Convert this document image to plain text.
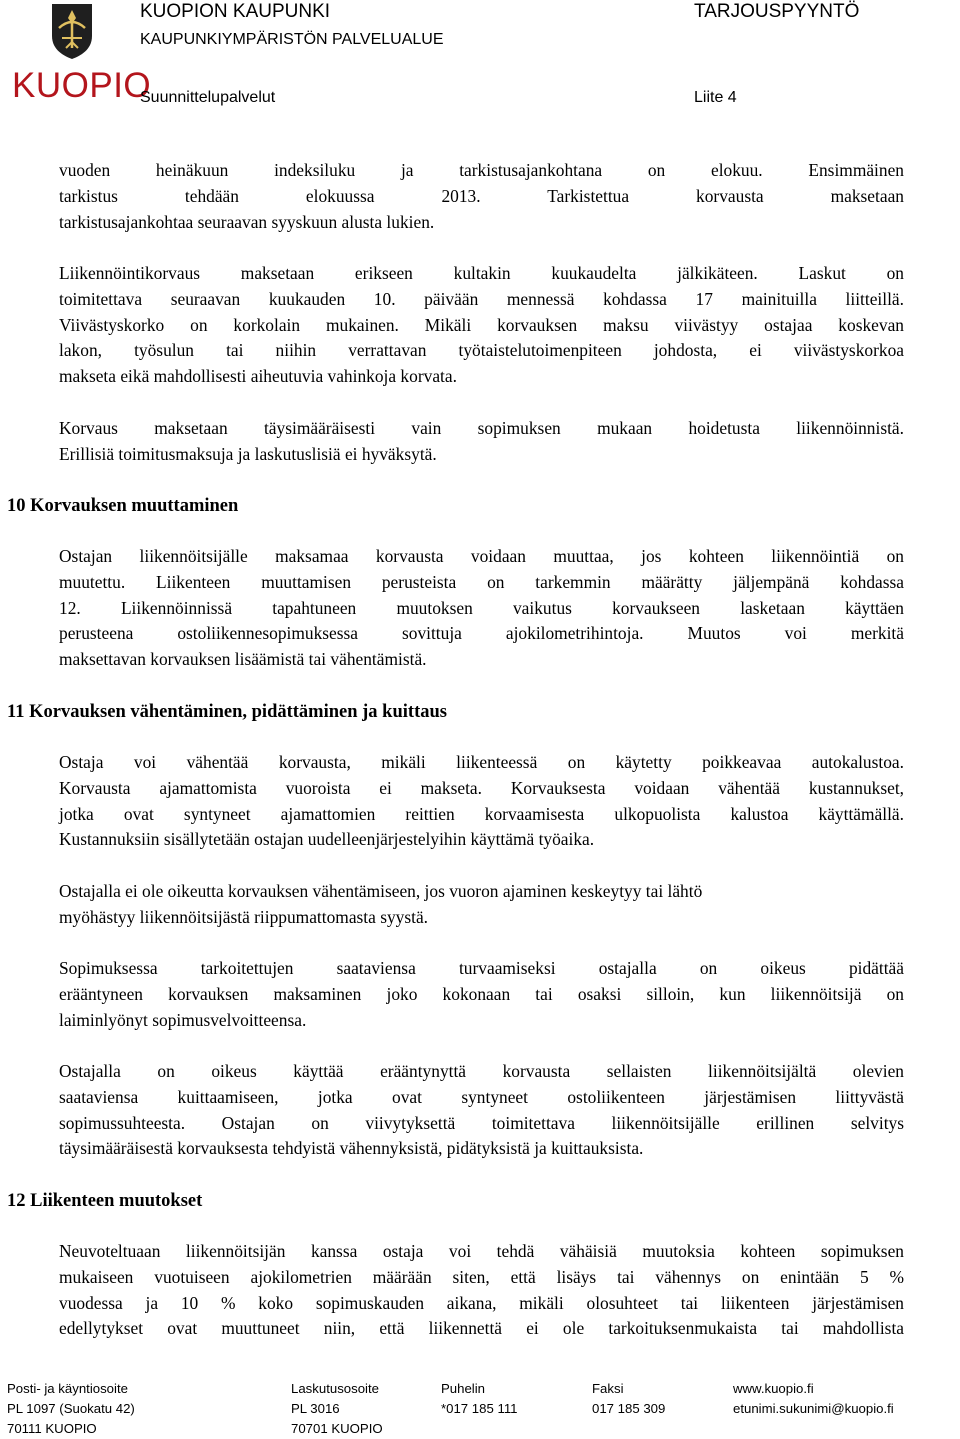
KUOPIO
KUOPION KAUPUNKI
KAUPUNKIYMPÄRISTÖN PALVELUALUE
Suunnittelupalvelut
TARJOUSPYYNTÖ
Liite 4
vuoden heinäkuun indeksiluku ja tarkistusajankohtana on elokuu. Ensimmäinen
tarkistus tehdään elokuussa 2013. Tarkistettua korvausta maksetaan
tarkistusajankohtaa seuraavan syyskuun alusta lukien.
Liikennöintikorvaus maksetaan erikseen kultakin kuukaudelta jälkikäteen. Laskut on
toimitettava seuraavan kuukauden 10. päivään mennessä kohdassa 17 mainituilla liitteillä.
Viivästyskorko on korkolain mukainen. Mikäli korvauksen maksu viivästyy ostajaa koskevan
lakon, työsulun tai niihin verrattavan työtaistelutoimenpiteen johdosta, ei viivästyskorkoa
makseta eikä mahdollisesti aiheutuvia vahinkoja korvata.
Korvaus maksetaan täysimääräisesti vain sopimuksen mukaan hoidetusta liikennöinnistä.
Erillisiä toimitusmaksuja ja laskutuslisiä ei hyväksytä.
10 Korvauksen muuttaminen
Ostajan liikennöitsijälle maksamaa korvausta voidaan muuttaa, jos kohteen liikennöintiä on
muutettu. Liikenteen muuttamisen perusteista on tarkemmin määrätty jäljempänä kohdassa
12. Liikennöinnissä tapahtuneen muutoksen vaikutus korvaukseen lasketaan käyttäen
perusteena ostoliikennesopimuksessa sovittuja ajokilometrihintoja. Muutos voi merkitä
maksettavan korvauksen lisäämistä tai vähentämistä.
11 Korvauksen vähentäminen, pidättäminen ja kuittaus
Ostaja voi vähentää korvausta, mikäli liikenteessä on käytetty poikkeavaa autokalustoa.
Korvausta ajamattomista vuoroista ei makseta. Korvauksesta voidaan vähentää kustannukset,
jotka ovat syntyneet ajamattomien reittien korvaamisesta ulkopuolista kalustoa käyttämällä.
Kustannuksiin sisällytetään ostajan uudelleenjärjestelyihin käyttämä työaika.
Ostajalla ei ole oikeutta korvauksen vähentämiseen, jos vuoron ajaminen keskeytyy tai lähtö
myöhästyy liikennöitsijästä riippumattomasta syystä.
Sopimuksessa tarkoitettujen saataviensa turvaamiseksi ostajalla on oikeus pidättää
erääntyneen korvauksen maksaminen joko kokonaan tai osaksi silloin, kun liikennöitsijä on
laiminlyönyt sopimusvelvoitteensa.
Ostajalla on oikeus käyttää erääntynyttä korvausta sellaisten liikennöitsijältä olevien
saataviensa kuittaamiseen, jotka ovat syntyneet ostoliikenteen järjestämisen liittyvästä
sopimussuhteesta. Ostajan on viivytyksettä toimitettava liikennöitsijälle erillinen selvitys
täysimääräisestä korvauksesta tehdyistä vähennyksistä, pidätyksistä ja kuittauksista.
12 Liikenteen muutokset
Neuvoteltuaan liikennöitsijän kanssa ostaja voi tehdä vähäisiä muutoksia kohteen sopimuksen
mukaiseen vuotuiseen ajokilometrien määrään siten, että lisäys tai vähennys on enintään 5 %
vuodessa ja 10 % koko sopimuskauden aikana, mikäli olosuhteet tai liikenteen järjestämisen
edellytykset ovat muuttuneet niin, että liikennettä ei ole tarkoituksenmukaista tai mahdollista
Posti- ja käyntiosoite
PL 1097 (Suokatu 42)
70111 KUOPIO
Laskutusosoite
PL 3016
70701 KUOPIO
Puhelin
*017 185 111
Faksi
017 185 309
www.kuopio.fi
etunimi.sukunimi@kuopio.fi
